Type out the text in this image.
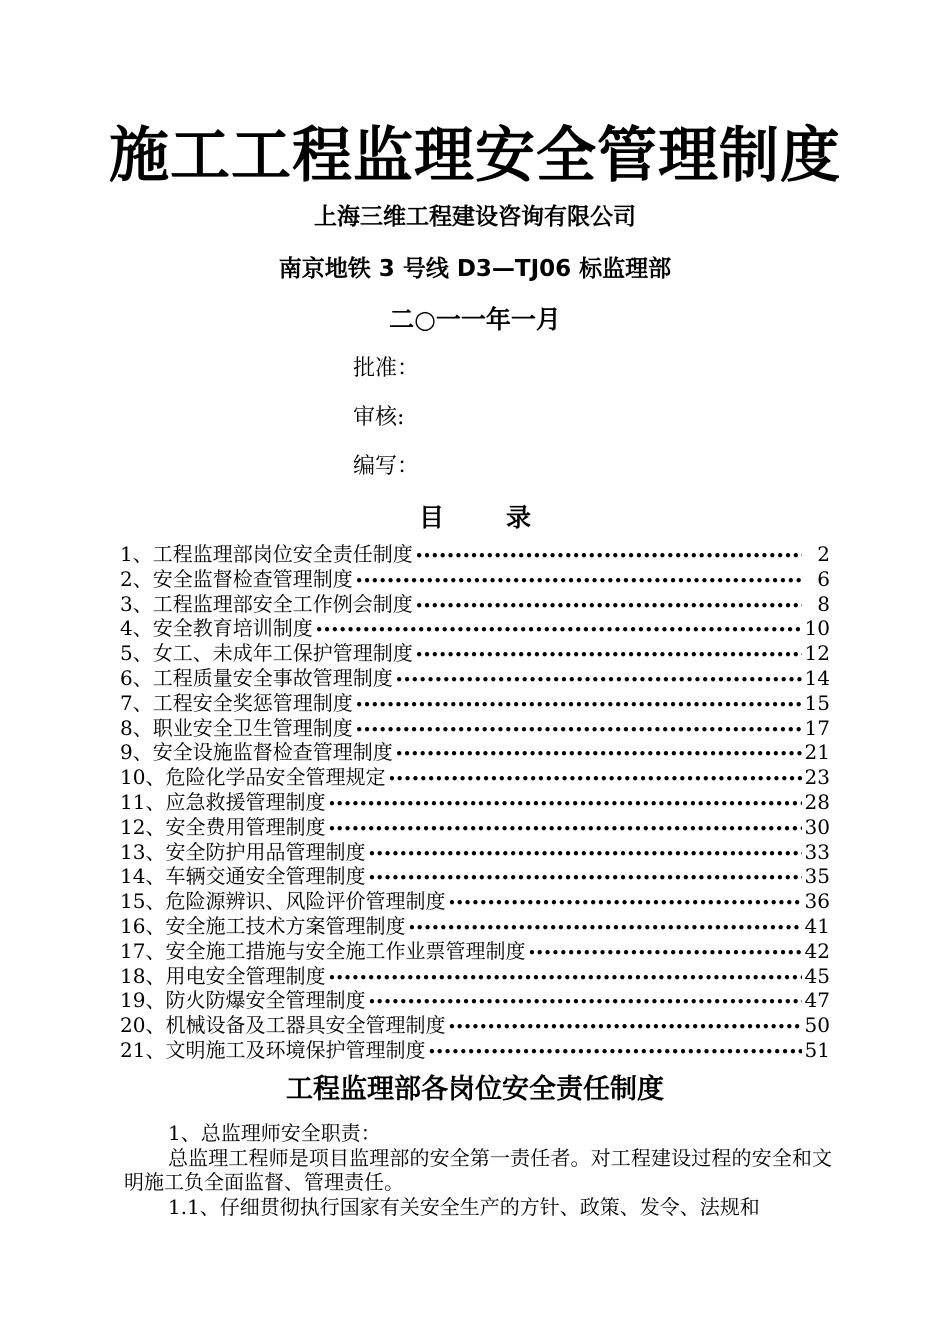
施工工程监理安全管理制度
上海三维工程建设咨询有限公司
南京地铁 3 号线 D3—TJ06 标监理部
二○一一年一月
批准：
审核:
编写：
目 录
1、工程监理部岗位安全责任制度 •••••	2
2、安全监督检查管理制度 •••••	6
3、工程监理部安全工作例会制度 •••••	8
4、安全教育培训制度 •••••	10
5、女工、未成年工保护管理制度 •••••	12
6、工程质量安全事故管理制度 •••••	14
7、工程安全奖惩管理制度 •••••	15
8、职业安全卫生管理制度 •••••	17
9、安全设施监督检查管理制度 •••••	21
10、危险化学品安全管理规定 •••••	23
11、应急救援管理制度 •••••	28
12、安全费用管理制度 •••••	30
13、安全防护用品管理制度 •••••	33
14、车辆交通安全管理制度 •••••	35
15、危险源辨识、风险评价管理制度 •••••	36
16、安全施工技术方案管理制度 •••••	41
17、安全施工措施与安全施工作业票管理制度 •••••	42
18、用电安全管理制度 •••••	45
19、防火防爆安全管理制度 •••••	47
20、机械设备及工器具安全管理制度 •••••	50
21、文明施工及环境保护管理制度 •••••	51
工程监理部各岗位安全责任制度

1、总监理师安全职责：

总监理工程师是项目监理部的安全第一责任者。对工程建设过程的安全和文明施工负全面监督、管理责任。

1.1、仔细贯彻执行国家有关安全生产的方针、政策、发令、法规和
